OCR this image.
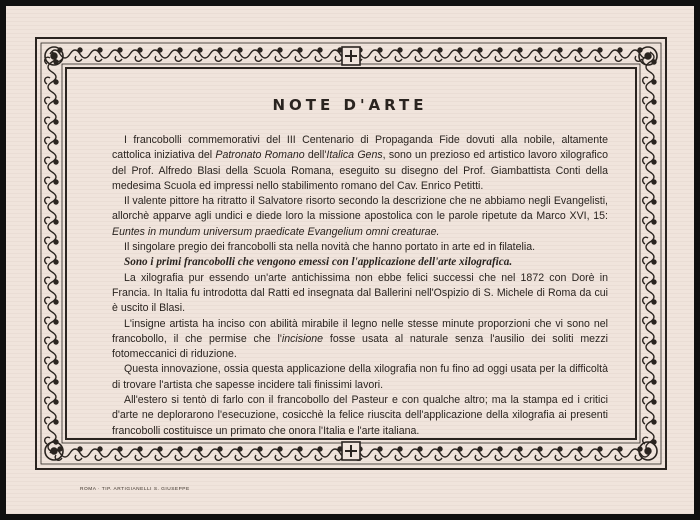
NOTE D'ARTE

I francobolli commemorativi del III Centenario di Propaganda Fide dovuti alla nobile, altamente cattolica iniziativa del Patronato Romano dell'Italica Gens, sono un prezioso ed artistico lavoro xilografico del Prof. Alfredo Blasi della Scuola Romana, eseguito su disegno del Prof. Giambattista Conti della medesima Scuola ed impressi nello stabilimento romano del Cav. Enrico Petitti.

Il valente pittore ha ritratto il Salvatore risorto secondo la descrizione che ne abbiamo negli Evangelisti, allorchè apparve agli undici e diede loro la missione apostolica con le parole ripetute da Marco XVI, 15: Euntes in mundum universum praedicate Evangelium omni creaturae.

Il singolare pregio dei francobolli sta nella novità che hanno portato in arte ed in filatelia.

Sono i primi francobolli che vengono emessi con l'applicazione dell'arte xilografica.

La xilografia pur essendo un'arte antichissima non ebbe felici successi che nel 1872 con Dorè in Francia. In Italia fu introdotta dal Ratti ed insegnata dal Ballerini nell'Ospizio di S. Michele di Roma da cui è uscito il Blasi.

L'insigne artista ha inciso con abilità mirabile il legno nelle stesse minute proporzioni che vi sono nel francobollo, il che permise che l'incisione fosse usata al naturale senza l'ausilio dei soliti mezzi fotomeccanici di riduzione.

Questa innovazione, ossia questa applicazione della xilografia non fu fino ad oggi usata per la difficoltà di trovare l'artista che sapesse incidere tali finissimi lavori.

All'estero si tentò di farlo con il francobollo del Pasteur e con qualche altro; ma la stampa ed i critici d'arte ne deplorarono l'esecuzione, cosicchè la felice riuscita dell'applicazione della xilografia ai presenti francobolli costituisce un primato che onora l'Italia e l'arte italiana.

ROMA · TIP. ARTIGIANELLI S. GIUSEPPE
